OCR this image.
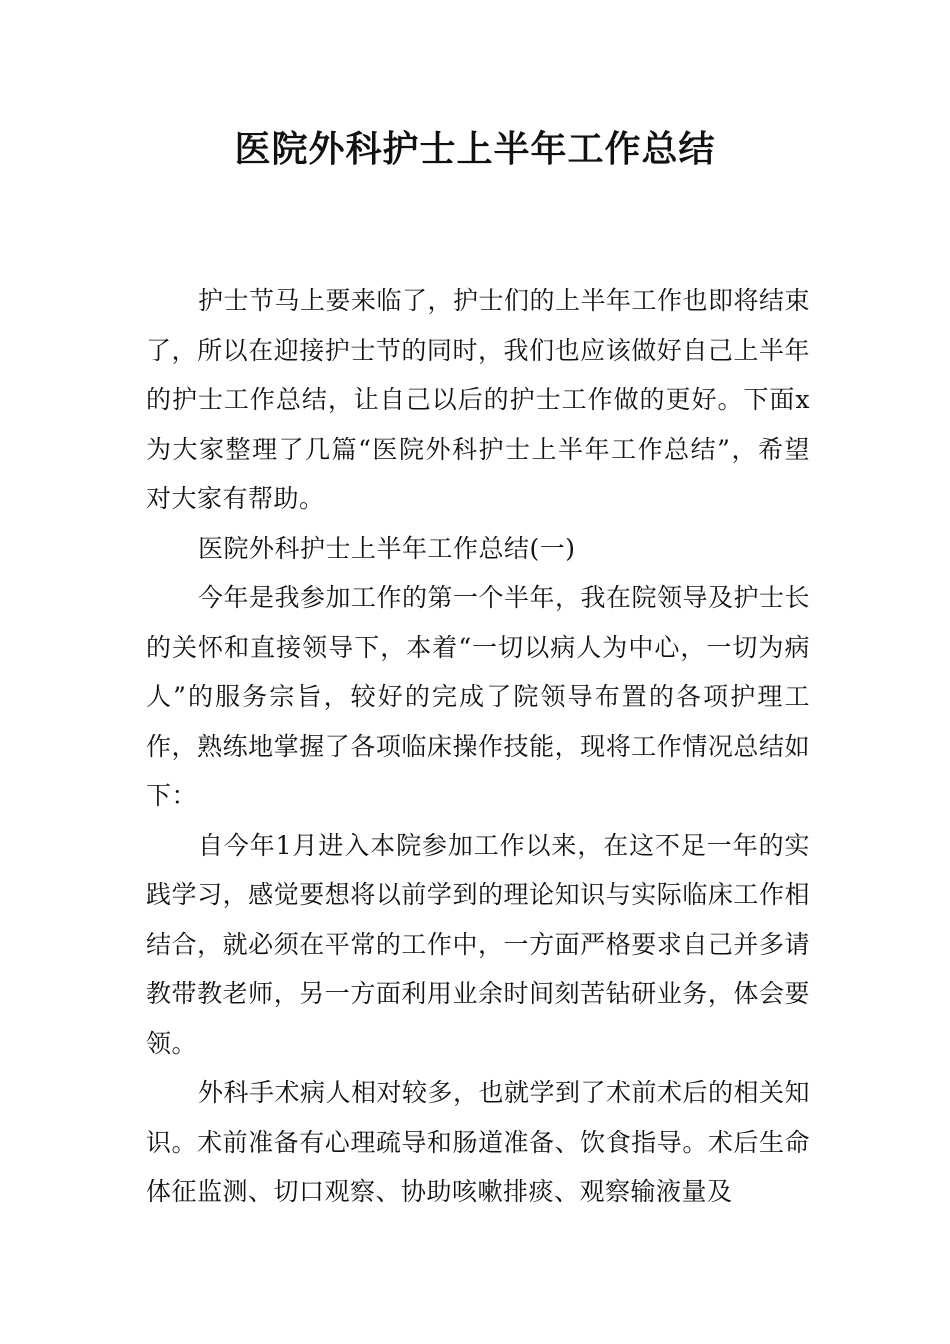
医院外科护士上半年工作总结

护士节马上要来临了，护士们的上半年工作也即将结束了，所以在迎接护士节的同时，我们也应该做好自己上半年的护士工作总结，让自己以后的护士工作做的更好。下面x为大家整理了几篇“医院外科护士上半年工作总结”，希望对大家有帮助。

医院外科护士上半年工作总结(一)

今年是我参加工作的第一个半年，我在院领导及护士长的关怀和直接领导下，本着“一切以病人为中心，一切为病人”的服务宗旨，较好的完成了院领导布置的各项护理工作，熟练地掌握了各项临床操作技能，现将工作情况总结如下：

自今年1月进入本院参加工作以来，在这不足一年的实践学习，感觉要想将以前学到的理论知识与实际临床工作相结合，就必须在平常的工作中，一方面严格要求自己并多请教带教老师，另一方面利用业余时间刻苦钻研业务，体会要领。

外科手术病人相对较多，也就学到了术前术后的相关知识。术前准备有心理疏导和肠道准备、饮食指导。术后生命体征监测、切口观察、协助咳嗽排痰、观察输液量及
